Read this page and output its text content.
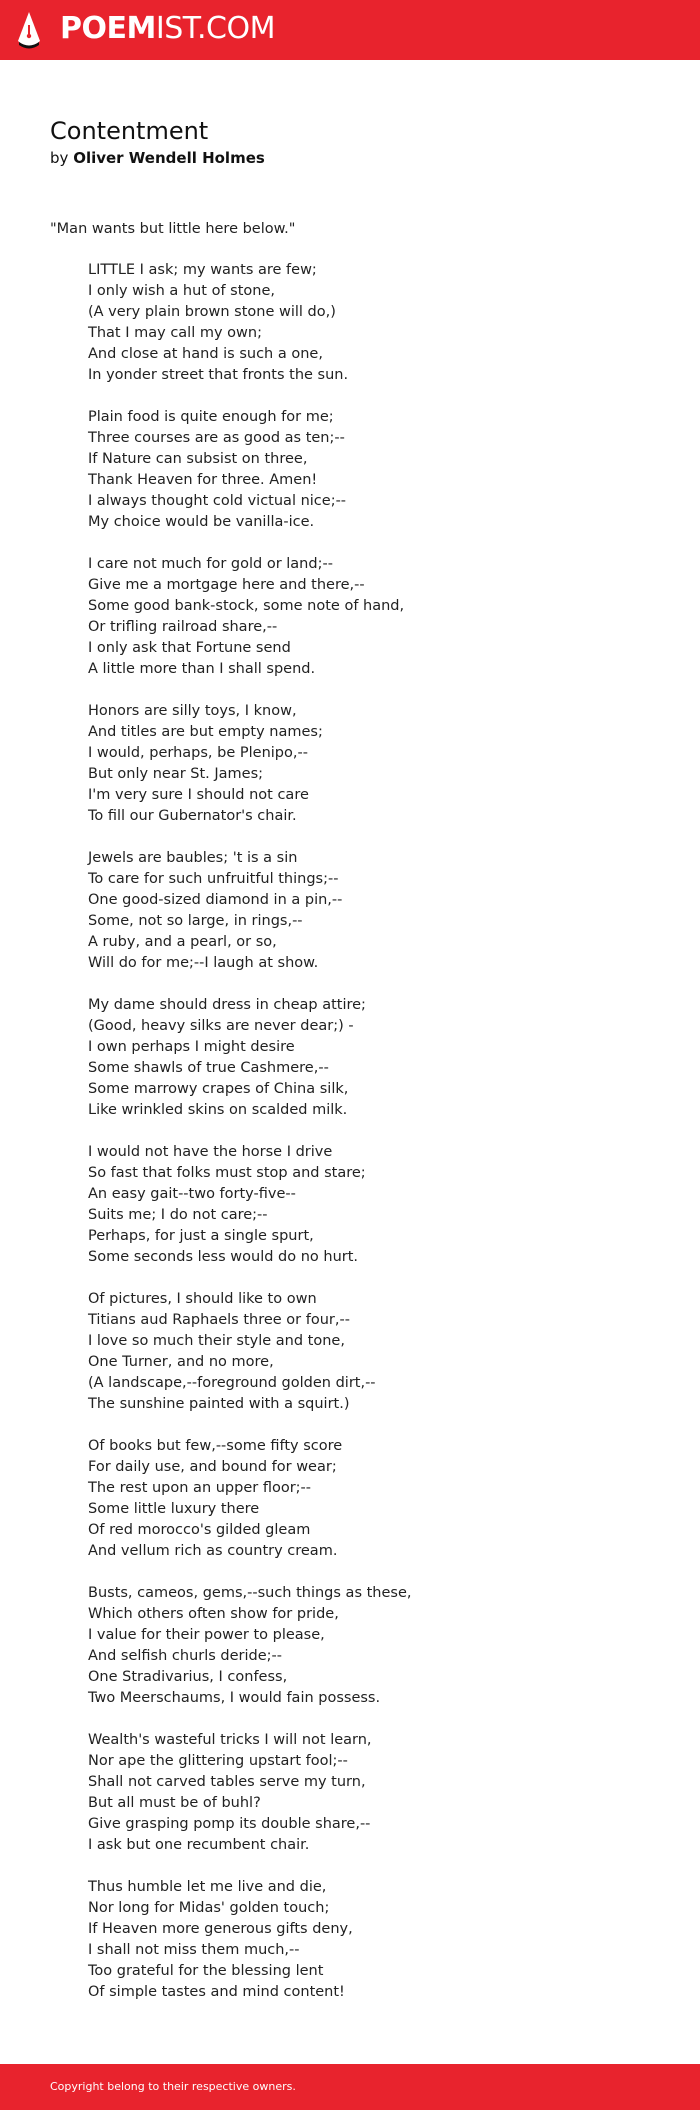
POEMIST.COM
Contentment
by Oliver Wendell Holmes
"Man wants but little here below."
LITTLE I ask; my wants are few;
I only wish a hut of stone,
(A very plain brown stone will do,)
That I may call my own;
And close at hand is such a one,
In yonder street that fronts the sun.
Plain food is quite enough for me;
Three courses are as good as ten;--
If Nature can subsist on three,
Thank Heaven for three. Amen!
I always thought cold victual nice;--
My choice would be vanilla-ice.
I care not much for gold or land;--
Give me a mortgage here and there,--
Some good bank-stock, some note of hand,
Or trifling railroad share,--
I only ask that Fortune send
A little more than I shall spend.
Honors are silly toys, I know,
And titles are but empty names;
I would, perhaps, be Plenipo,--
But only near St. James;
I'm very sure I should not care
To fill our Gubernator's chair.
Jewels are baubles; 't is a sin
To care for such unfruitful things;--
One good-sized diamond in a pin,--
Some, not so large, in rings,--
A ruby, and a pearl, or so,
Will do for me;--I laugh at show.
My dame should dress in cheap attire;
(Good, heavy silks are never dear;) -
I own perhaps I might desire
Some shawls of true Cashmere,--
Some marrowy crapes of China silk,
Like wrinkled skins on scalded milk.
I would not have the horse I drive
So fast that folks must stop and stare;
An easy gait--two forty-five--
Suits me; I do not care;--
Perhaps, for just a single spurt,
Some seconds less would do no hurt.
Of pictures, I should like to own
Titians aud Raphaels three or four,--
I love so much their style and tone,
One Turner, and no more,
(A landscape,--foreground golden dirt,--
The sunshine painted with a squirt.)
Of books but few,--some fifty score
For daily use, and bound for wear;
The rest upon an upper floor;--
Some little luxury there
Of red morocco's gilded gleam
And vellum rich as country cream.
Busts, cameos, gems,--such things as these,
Which others often show for pride,
I value for their power to please,
And selfish churls deride;--
One Stradivarius, I confess,
Two Meerschaums, I would fain possess.
Wealth's wasteful tricks I will not learn,
Nor ape the glittering upstart fool;--
Shall not carved tables serve my turn,
But all must be of buhl?
Give grasping pomp its double share,--
I ask but one recumbent chair.
Thus humble let me live and die,
Nor long for Midas' golden touch;
If Heaven more generous gifts deny,
I shall not miss them much,--
Too grateful for the blessing lent
Of simple tastes and mind content!
Copyright belong to their respective owners.
